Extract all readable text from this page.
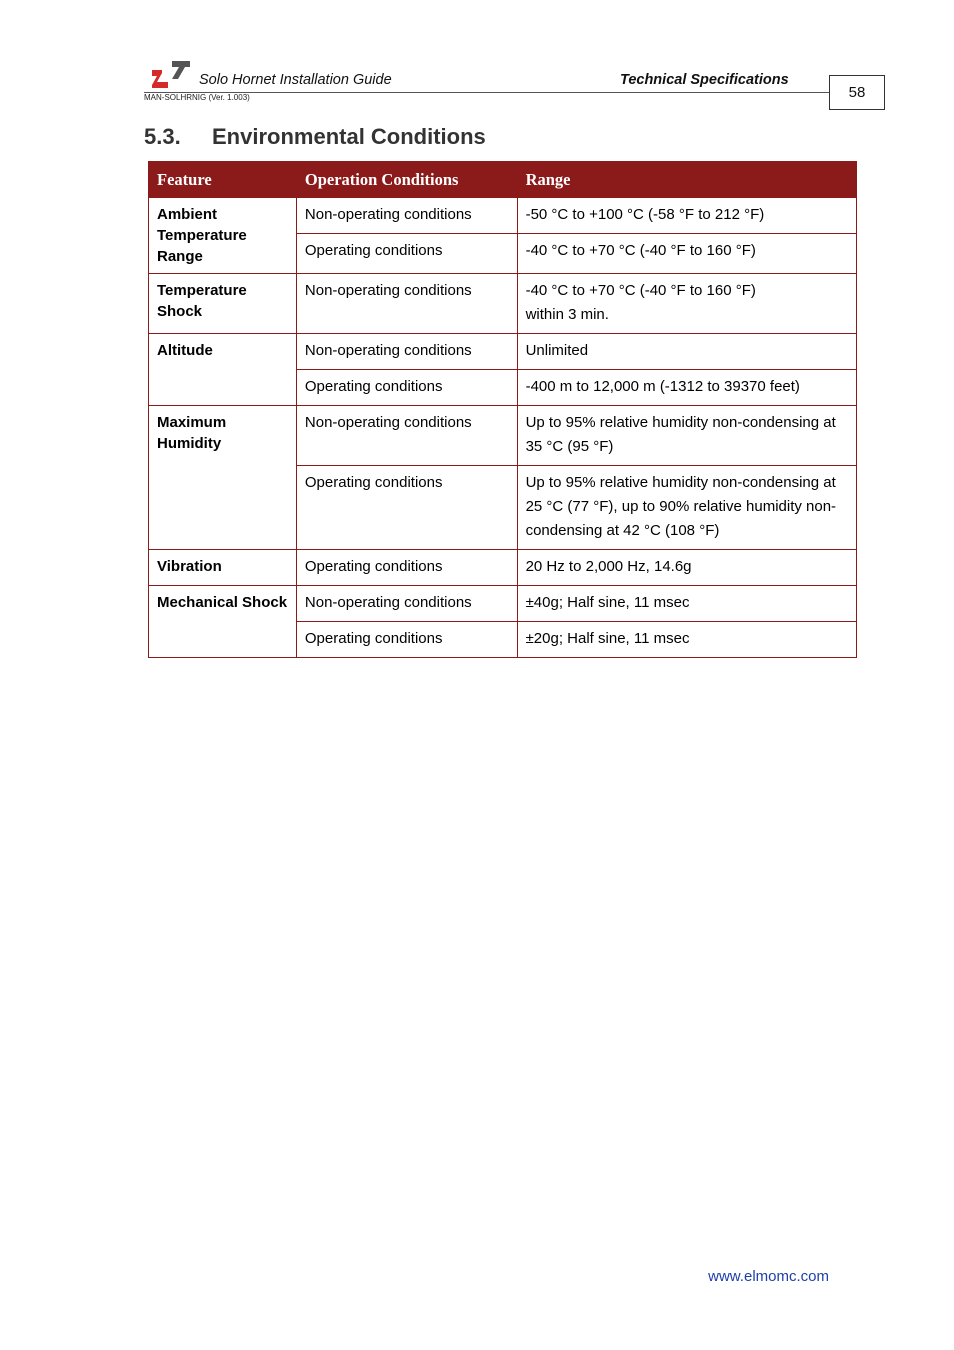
Solo Hornet Installation Guide	Technical Specifications
MAN-SOLHRNIG (Ver. 1.003)	58
5.3. Environmental Conditions
Feature	Operation Conditions	Range
Ambient Temperature Range	Non-operating conditions	-50 °C to +100 °C (-58 °F to 212 °F)
	Operating conditions	-40 °C to +70 °C (-40 °F to 160 °F)
Temperature Shock	Non-operating conditions	-40 °C to +70 °C (-40 °F to 160 °F)
within 3 min.

Altitude	Non-operating conditions	Unlimited
	Operating conditions	-400 m to 12,000 m (-1312 to 39370 feet)
Maximum Humidity	Non-operating conditions	Up to 95% relative humidity non-condensing at 35 °C (95 °F)
	Operating conditions	Up to 95% relative humidity non-condensing at 25 °C (77 °F), up to 90% relative humidity non-condensing at 42 °C (108 °F)
Vibration	Operating conditions	20 Hz to 2,000 Hz, 14.6g
Mechanical Shock	Non-operating conditions	±40g; Half sine, 11 msec
	Operating conditions	±20g; Half sine, 11 msec
www.elmomc.com
